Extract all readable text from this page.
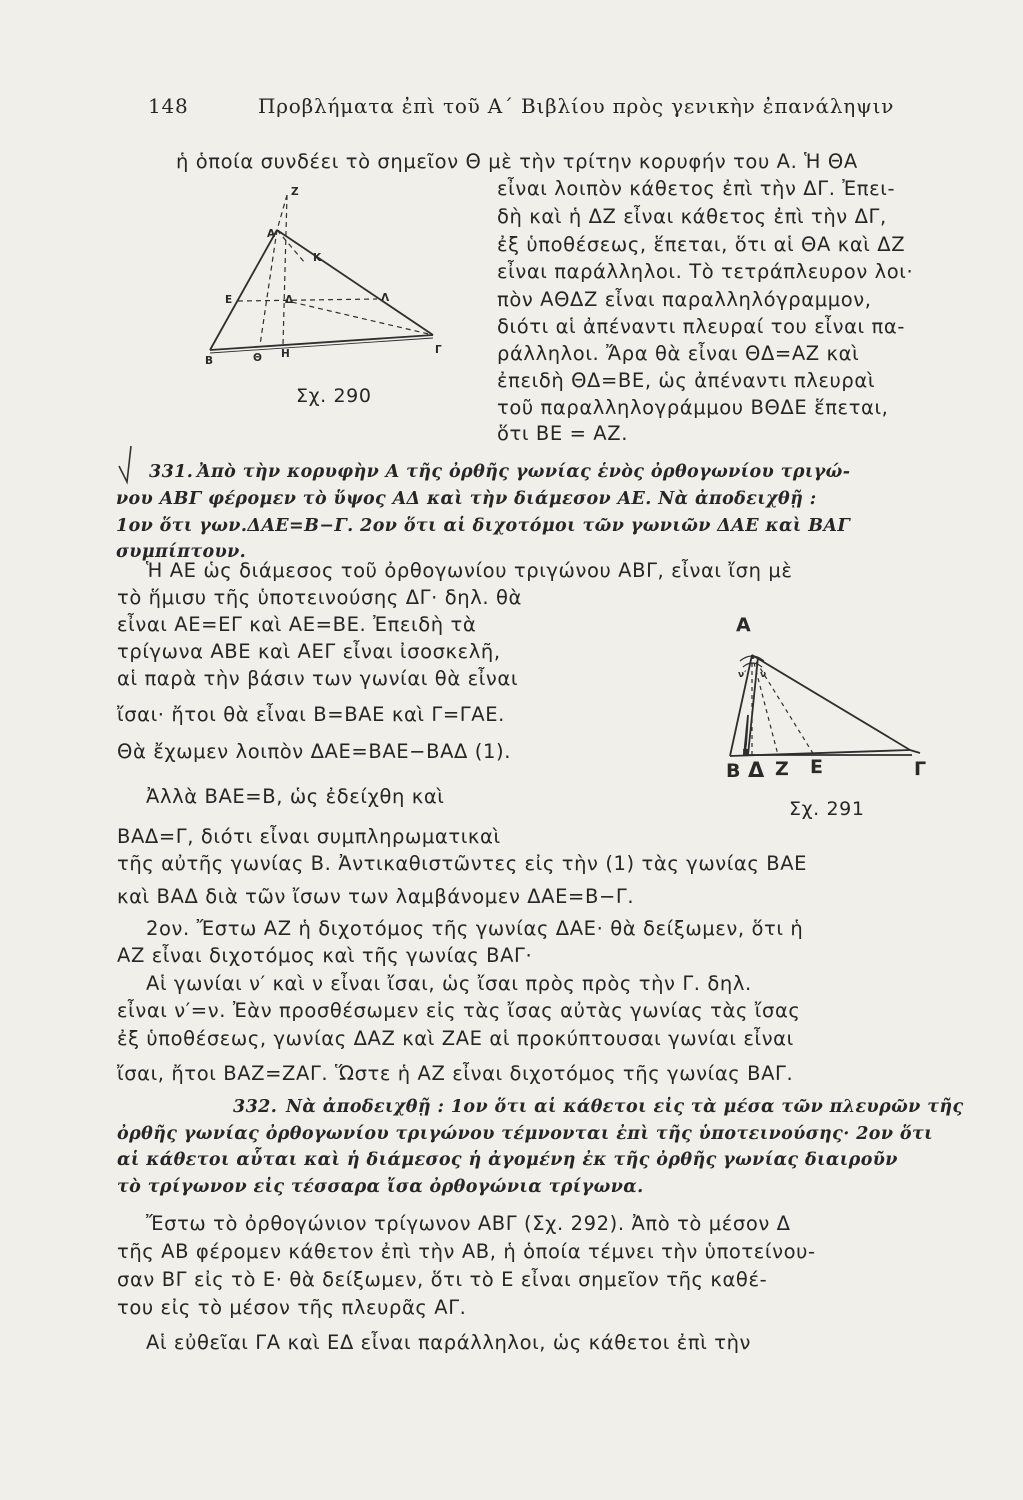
148	Προβλήματα ἐπὶ τοῦ Α΄ Βιβλίου πρὸς γενικὴν ἐπανάληψιν
ἡ ὁποία συνδέει τὸ σημεῖον Θ μὲ τὴν τρίτην κορυφήν του Α. Ἡ ΘΑ
εἶναι λοιπὸν κάθετος ἐπὶ τὴν ΔΓ. Ἐπει-
δὴ καὶ ἡ ΔΖ εἶναι κάθετος ἐπὶ τὴν ΔΓ,
ἐξ ὑποθέσεως, ἕπεται, ὅτι αἱ ΘΑ καὶ ΔΖ
εἶναι παράλληλοι. Τὸ τετράπλευρον λοι·
πὸν ΑΘΔΖ εἶναι παραλληλόγραμμον,
διότι αἱ ἀπέναντι πλευραί του εἶναι πα-
ράλληλοι. Ἄρα θὰ εἶναι ΘΔ=ΑΖ καὶ
ἐπειδὴ ΘΔ=ΒΕ, ὡς ἀπέναντι πλευραὶ
τοῦ παραλληλογράμμου ΒΘΔΕ ἕπεται,
ὅτι ΒΕ = ΑΖ.
Ζ
Α
Κ
Ε	Δ	Λ
Β	Θ Η	Γ
Σχ. 290
331. Ἀπὸ τὴν κορυφὴν Α τῆς ὀρθῆς γωνίας ἑνὸς ὀρθογωνίου τριγώ-
νου ΑΒΓ φέρομεν τὸ ὕψος ΑΔ καὶ τὴν διάμεσον ΑΕ. Νὰ ἀποδειχθῇ :
1ον ὅτι γων.ΔΑΕ=Β−Γ. 2ον ὅτι αἱ διχοτόμοι τῶν γωνιῶν ΔΑΕ καὶ ΒΑΓ
συμπίπτουν.
Ἡ ΑΕ ὡς διάμεσος τοῦ ὀρθογωνίου τριγώνου ΑΒΓ, εἶναι ἴση μὲ
τὸ ἥμισυ τῆς ὑποτεινούσης ΔΓ· δηλ. θὰ
εἶναι ΑΕ=ΕΓ καὶ ΑΕ=ΒΕ. Ἐπειδὴ τὰ
τρίγωνα ΑΒΕ καὶ ΑΕΓ εἶναι ἰσοσκελῆ,
αἱ παρὰ τὴν βάσιν των γωνίαι θὰ εἶναι
ἴσαι· ἤτοι θὰ εἶναι Β=ΒΑΕ καὶ Γ=ΓΑΕ.
Θὰ ἔχωμεν λοιπὸν ΔΑΕ=ΒΑΕ−ΒΑΔ (1).
Ἀλλὰ ΒΑΕ=Β, ὡς ἐδείχθη καὶ
ΒΑΔ=Γ, διότι εἶναι συμπληρωματικαὶ
Α
ν′ ν
Β Δ Ζ Ε	Γ
Σχ. 291
τῆς αὐτῆς γωνίας Β. Ἀντικαθιστῶντες εἰς τὴν (1) τὰς γωνίας ΒΑΕ
καὶ ΒΑΔ διὰ τῶν ἴσων των λαμβάνομεν ΔΑΕ=Β−Γ.
2ον. Ἔστω ΑΖ ἡ διχοτόμος τῆς γωνίας ΔΑΕ· θὰ δείξωμεν, ὅτι ἡ
ΑΖ εἶναι διχοτόμος καὶ τῆς γωνίας ΒΑΓ·
Αἱ γωνίαι ν′ καὶ ν εἶναι ἴσαι, ὡς ἴσαι πρὸς πρὸς τὴν Γ. δηλ.
εἶναι ν′=ν. Ἐὰν προσθέσωμεν εἰς τὰς ἴσας αὐτὰς γωνίας τὰς ἴσας
ἐξ ὑποθέσεως, γωνίας ΔΑΖ καὶ ΖΑΕ αἱ προκύπτουσαι γωνίαι εἶναι
ἴσαι, ἤτοι ΒΑΖ=ΖΑΓ. Ὥστε ἡ ΑΖ εἶναι διχοτόμος τῆς γωνίας ΒΑΓ.
332. Νὰ ἀποδειχθῇ : 1ον ὅτι αἱ κάθετοι εἰς τὰ μέσα τῶν πλευρῶν τῆς
ὀρθῆς γωνίας ὀρθογωνίου τριγώνου τέμνονται ἐπὶ τῆς ὑποτεινούσης· 2ον ὅτι
αἱ κάθετοι αὗται καὶ ἡ διάμεσος ἡ ἀγομένη ἐκ τῆς ὀρθῆς γωνίας διαιροῦν
τὸ τρίγωνον εἰς τέσσαρα ἴσα ὀρθογώνια τρίγωνα.
Ἔστω τὸ ὀρθογώνιον τρίγωνον ΑΒΓ (Σχ. 292). Ἀπὸ τὸ μέσον Δ
τῆς ΑΒ φέρομεν κάθετον ἐπὶ τὴν ΑΒ, ἡ ὁποία τέμνει τὴν ὑποτείνου-
σαν ΒΓ εἰς τὸ Ε· θὰ δείξωμεν, ὅτι τὸ Ε εἶναι σημεῖον τῆς καθέ-
του εἰς τὸ μέσον τῆς πλευρᾶς ΑΓ.
Αἱ εὐθεῖαι ΓΑ καὶ ΕΔ εἶναι παράλληλοι, ὡς κάθετοι ἐπὶ τὴν
